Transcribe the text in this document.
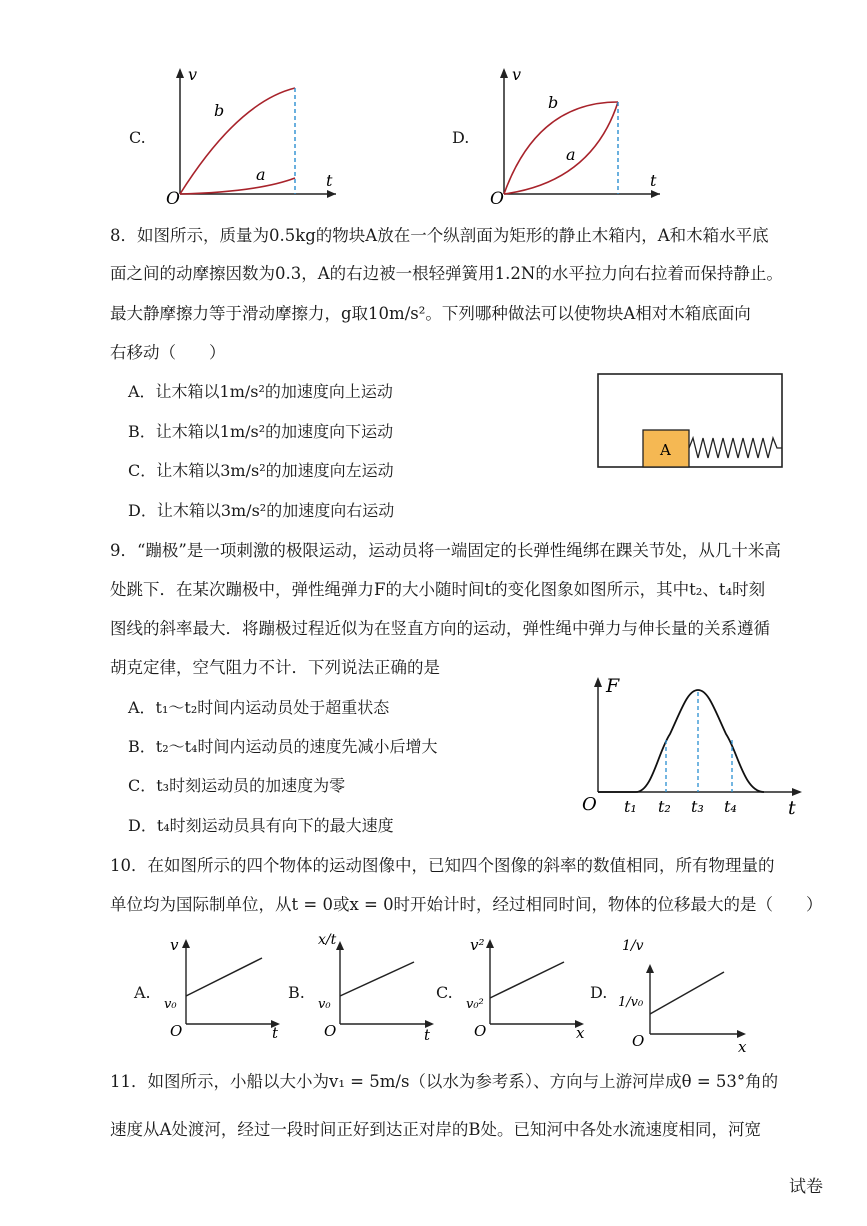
C.
v
t
O
b
a
D.
v
t
O
b
a
8．如图所示，质量为0.5kg的物块A放在一个纵剖面为矩形的静止木箱内，A和木箱水平底
面之间的动摩擦因数为0.3，A的右边被一根轻弹簧用1.2N的水平拉力向右拉着而保持静止。
最大静摩擦力等于滑动摩擦力，g取10m/s²。下列哪种做法可以使物块A相对木箱底面向
右移动（　　）
A．让木箱以1m/s²的加速度向上运动
B．让木箱以1m/s²的加速度向下运动
C．让木箱以3m/s²的加速度向左运动
D．让木箱以3m/s²的加速度向右运动
A
9．“蹦极”是一项刺激的极限运动，运动员将一端固定的长弹性绳绑在踝关节处，从几十米高
处跳下．在某次蹦极中，弹性绳弹力F的大小随时间t的变化图象如图所示，其中t₂、t₄时刻
图线的斜率最大．将蹦极过程近似为在竖直方向的运动，弹性绳中弹力与伸长量的关系遵循
胡克定律，空气阻力不计．下列说法正确的是
A．t₁～t₂时间内运动员处于超重状态
B．t₂～t₄时间内运动员的速度先减小后增大
C．t₃时刻运动员的加速度为零
D．t₄时刻运动员具有向下的最大速度
F
t
O t₁ t₂ t₃ t₄
10．在如图所示的四个物体的运动图像中，已知四个图像的斜率的数值相同，所有物理量的
单位均为国际制单位，从t = 0或x = 0时开始计时，经过相同时间，物体的位移最大的是（　　）
A.
v
t
v₀
O
B.
x/t
t
v₀
O
C.
v²
x
v₀²
O
D.
1/v
x
1/v₀
O
11．如图所示，小船以大小为v₁ = 5m/s（以水为参考系）、方向与上游河岸成θ = 53°角的
速度从A处渡河，经过一段时间正好到达正对岸的B处。已知河中各处水流速度相同，河宽
试卷
